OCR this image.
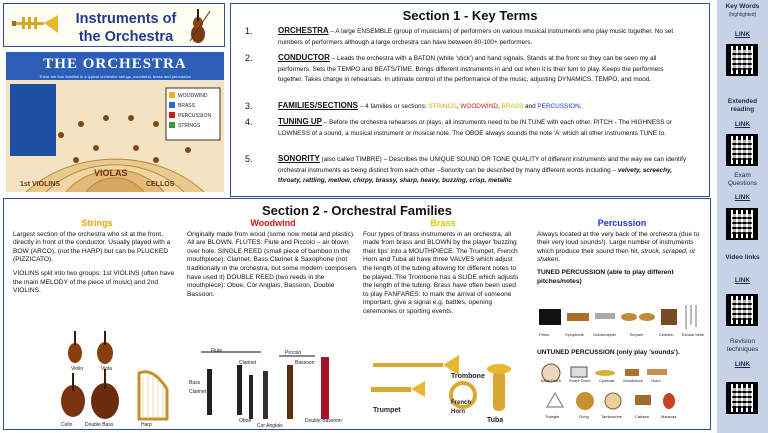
Instruments of
the Orchestra
THE ORCHESTRA
There are four families in a typical orchestra: strings, woodwind, brass and percussion
WOODWIND
BRASS
PERCUSSION
STRINGS
VIOLAS
CELLOS
1st VIOLINS
Section 1 - Key Terms
1.	ORCHESTRA – A large ENSEMBLE (group of musicians) of performers on various musical instruments who play music together. No set numbers of performers although a large orchestra can have between 80-100+ performers.
2.	CONDUCTOR – Leads the orchestra with a BATON (white 'stick') and hand signals. Stands at the front so they can be seen my all performers. Sets the TEMPO and BEATS/TIME. Brings different instruments in and out when it is their turn to play. Keeps the performers together. Takes charge in rehearsals. In ultimate control of the performance of the music, adjusting DYNAMICS, TEMPO, and mood.
3.	FAMILIES/SECTIONS – 4 families or sections: STRINGS, WOODWIND, BRASS and PERCUSSION.
4.	TUNING UP – Before the orchestra rehearses or plays, all instruments need to be IN TUNE with each other. PITCH - The HIGHNESS or LOWNESS of a sound, a musical instrument or musical note. The OBOE always sounds the note 'A' which all other instruments TUNE to.
5.	SONORITY (also called TIMBRE) – Describes the UNIQUE SOUND OR TONE QUALITY of different instruments and the way we can identify orchestral instruments as being distinct from each other –Sonority can be described by many different words including – velvety, screechy, throaty, rattling, mellow, chirpy, brassy, sharp, heavy, buzzing, crisp, metallic
Key Words
(highlighted)
LINK
Extended reading
LINK
Exam Questions
LINK
Video links
LINK
Revision techniques
LINK
Section 2 - Orchestral Families
Strings
Largest section of the orchestra who sit at the front, directly in front of the conductor. Usually played with a BOW (ARCO), (not the HARP) but can be PLUCKED (PIZZICATO).
VIOLINS split into two groups: 1st VIOLINS (often have the main MELODY of the piece of music) and 2nd VIOLINS.
Violin	Viola
Cello	Double Bass	Harp
Woodwind
Originally made from wood (some now metal and plastic). All are BLOWN. FLUTES: Flute and Piccolo – air blown over hole. SINGLE REED (small piece of bamboo in the mouthpiece): Clarinet, Bass Clarinet & Saxophone (not traditionally in the orchestra, but some modern composers have used it) DOUBLE REED (two reeds in the mouthpiece): Oboe, Cor Anglais, Bassoon, Double Bassoon.
Flute	Piccolo
Clarinet
Bass Clarinet
Bassoon
Oboe
Cor Anglais
Double Bassoon
Brass
Four types of brass instruments in an orchestra, all made from brass and BLOWN by the player 'buzzing their lips' into a MOUTHPIECE. The Trumpet, French Horn and Tuba all have three VALVES which adjust the length of the tubing allowing for different notes to be played. The Trombone has a SLIDE which adjusts the length of the tubing. Brass have often been used to play FANFARES: to mark the arrival of someone important, give a signal e.g. battles, opening ceremonies or sporting events.
Trombone
French Horn
Trumpet
Tuba
Percussion
Always located at the very back of the orchestra (due to their very loud sounds!). Large number of instruments which produce their sound then hit, struck, scraped, or shaken.
TUNED PERCUSSION (able to play different pitches/notes)
Piano	Xylophone Glockenspiel	Timpani	Celesta Tubular bells
UNTUNED PERCUSSION (only play 'sounds').
Bass Drum Snare Drum Cymbals Woodblock Guiro
Triangle	Gong	Tambourine	Cabasa	Maracas
